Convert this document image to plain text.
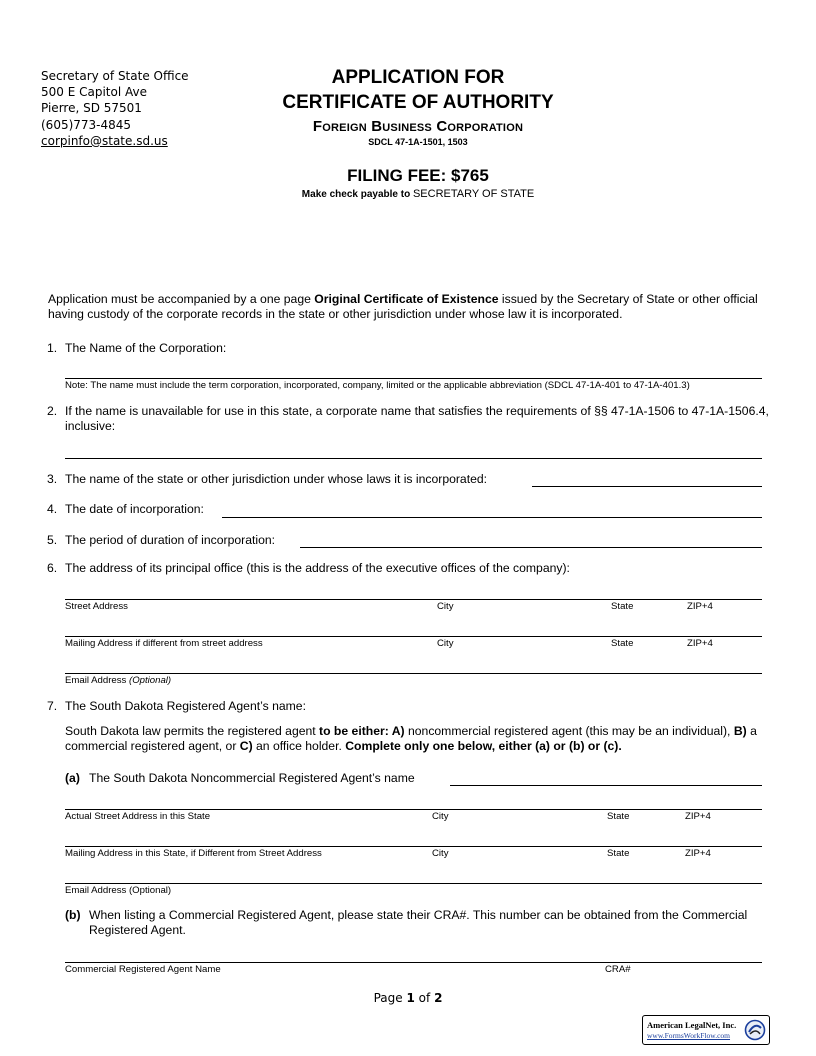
Secretary of State Office
500 E Capitol Ave
Pierre, SD 57501
(605)773-4845
corpinfo@state.sd.us
APPLICATION FOR
CERTIFICATE OF AUTHORITY
Foreign Business Corporation
SDCL 47-1A-1501, 1503
FILING FEE: $765
Make check payable to SECRETARY OF STATE
Application must be accompanied by a one page Original Certificate of Existence issued by the Secretary of State or other official having custody of the corporate records in the state or other jurisdiction under whose law it is incorporated.
1. The Name of the Corporation:
Note: The name must include the term corporation, incorporated, company, limited or the applicable abbreviation (SDCL 47-1A-401 to 47-1A-401.3)
2. If the name is unavailable for use in this state, a corporate name that satisfies the requirements of §§ 47-1A-1506 to 47-1A-1506.4, inclusive:
3. The name of the state or other jurisdiction under whose laws it is incorporated:
4. The date of incorporation:
5. The period of duration of incorporation:
6. The address of its principal office (this is the address of the executive offices of the company):
Street Address	City	State	ZIP+4
Mailing Address if different from street address	City	State	ZIP+4
Email Address (Optional)
7. The South Dakota Registered Agent’s name:
South Dakota law permits the registered agent to be either: A) noncommercial registered agent (this may be an individual), B) a commercial registered agent, or C) an office holder. Complete only one below, either (a) or (b) or (c).
(a) The South Dakota Noncommercial Registered Agent’s name
Actual Street Address in this State	City	State	ZIP+4
Mailing Address in this State, if Different from Street Address	City	State	ZIP+4
Email Address (Optional)
(b) When listing a Commercial Registered Agent, please state their CRA#. This number can be obtained from the Commercial Registered Agent.
Commercial Registered Agent Name	CRA#
Page 1 of 2
American LegalNet, Inc.
www.FormsWorkFlow.com
